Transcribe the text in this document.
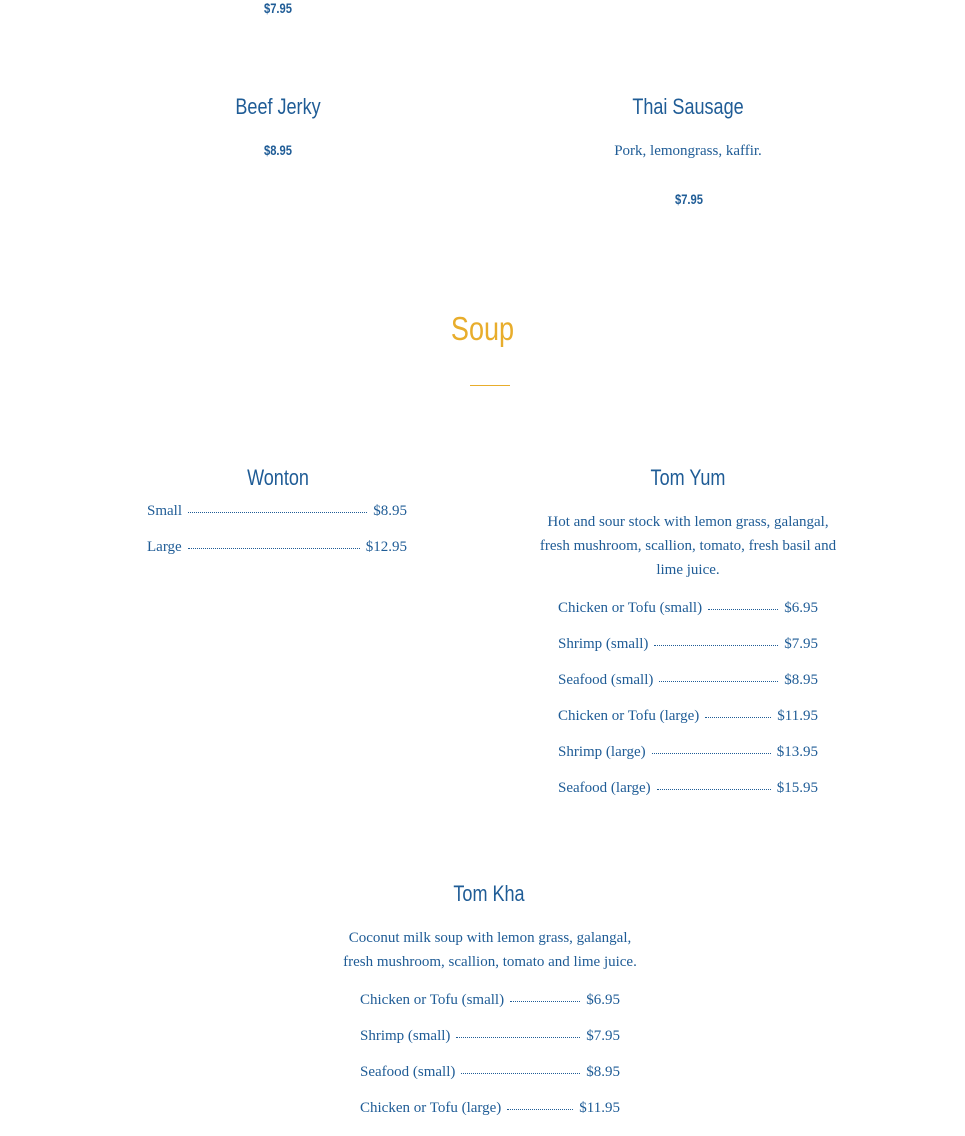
$7.95
Beef Jerky
$8.95
Thai Sausage
Pork, lemongrass, kaffir.
$7.95
Soup
Wonton
Small	$8.95
Large	$12.95
Tom Yum
Hot and sour stock with lemon grass, galangal, fresh mushroom, scallion, tomato, fresh basil and lime juice.
Chicken or Tofu (small)	$6.95
Shrimp (small)	$7.95
Seafood (small)	$8.95
Chicken or Tofu (large)	$11.95
Shrimp (large)	$13.95
Seafood (large)	$15.95
Tom Kha
Coconut milk soup with lemon grass, galangal, fresh mushroom, scallion, tomato and lime juice.
Chicken or Tofu (small)	$6.95
Shrimp (small)	$7.95
Seafood (small)	$8.95
Chicken or Tofu (large)	$11.95
